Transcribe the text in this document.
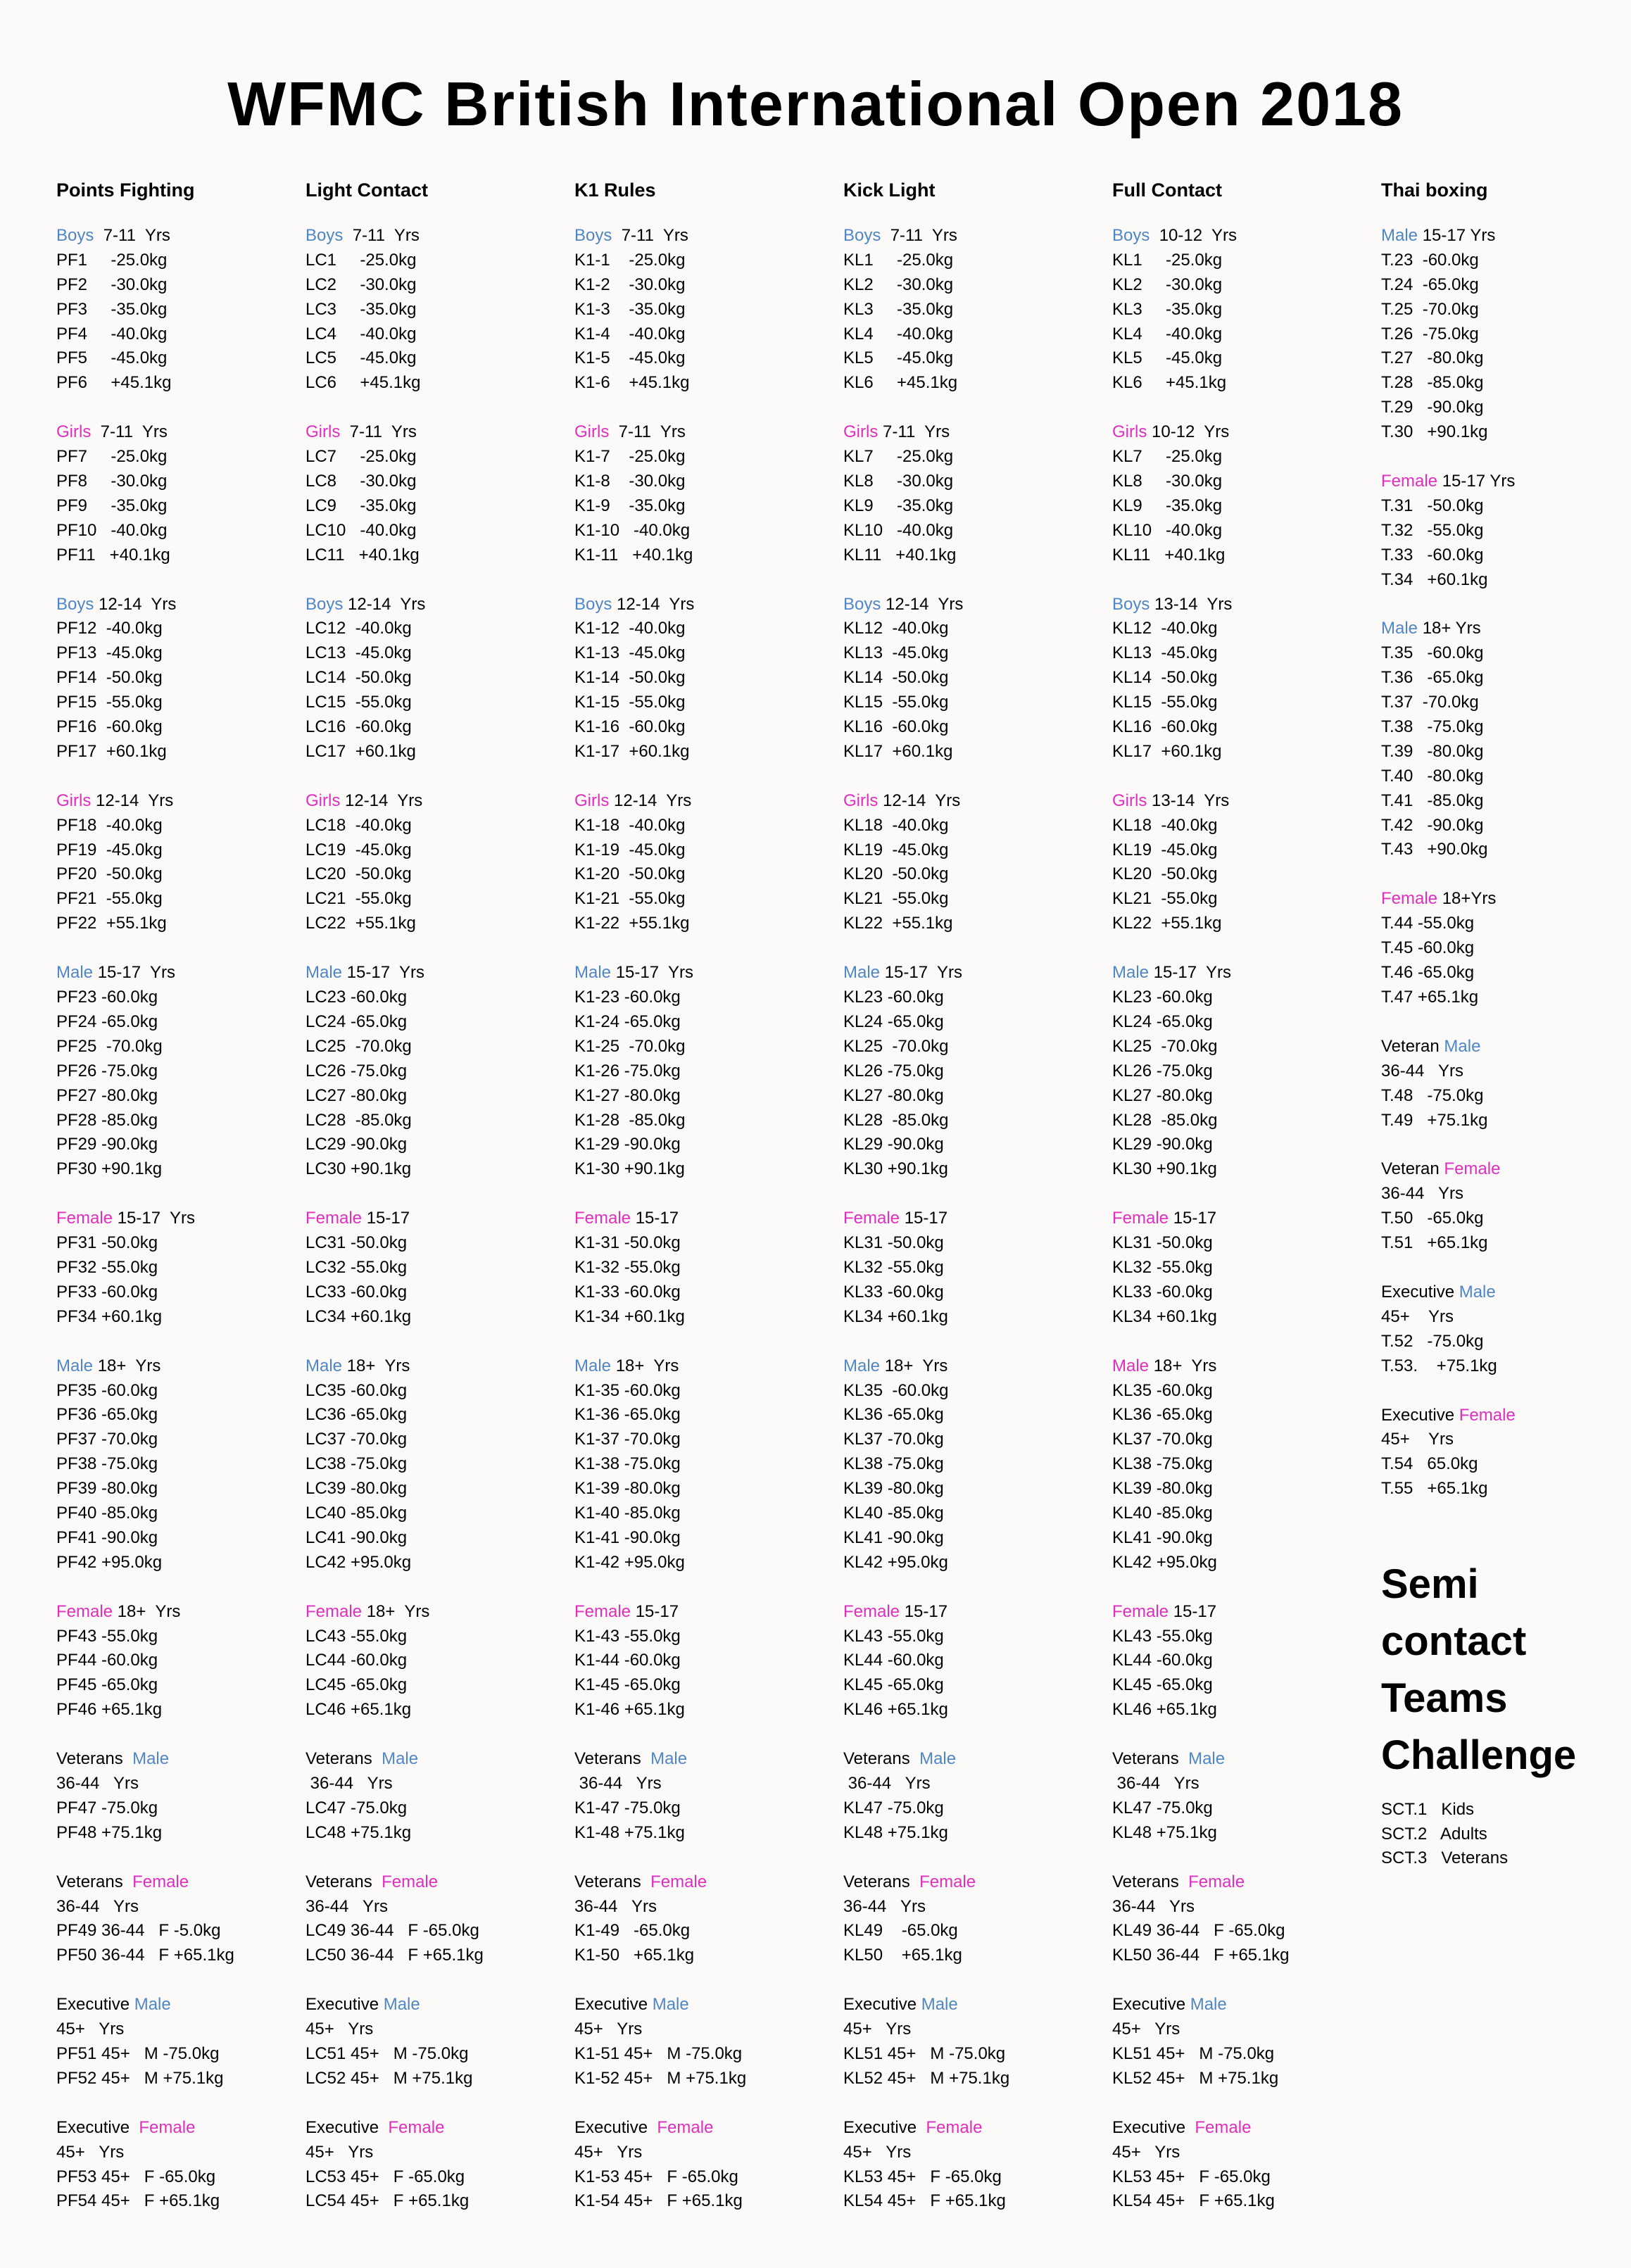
WFMC British International Open 2018
Points Fighting
Boys  7-11  Yrs
PF1     -25.0kg
PF2     -30.0kg
PF3     -35.0kg
PF4     -40.0kg
PF5     -45.0kg
PF6     +45.1kg
Girls  7-11  Yrs
PF7     -25.0kg
PF8     -30.0kg
PF9     -35.0kg
PF10   -40.0kg
PF11   +40.1kg
Boys 12-14  Yrs
PF12  -40.0kg
PF13  -45.0kg
PF14  -50.0kg
PF15  -55.0kg
PF16  -60.0kg
PF17  +60.1kg
Girls 12-14  Yrs
PF18  -40.0kg
PF19  -45.0kg
PF20  -50.0kg
PF21  -55.0kg
PF22  +55.1kg
Male 15-17  Yrs
PF23 -60.0kg
PF24 -65.0kg
PF25  -70.0kg
PF26 -75.0kg
PF27 -80.0kg
PF28 -85.0kg
PF29 -90.0kg
PF30 +90.1kg
Female 15-17  Yrs
PF31 -50.0kg
PF32 -55.0kg
PF33 -60.0kg
PF34 +60.1kg
Male 18+  Yrs
PF35 -60.0kg
PF36 -65.0kg
PF37 -70.0kg
PF38 -75.0kg
PF39 -80.0kg
PF40 -85.0kg
PF41 -90.0kg
PF42 +95.0kg
Female 18+  Yrs
PF43 -55.0kg
PF44 -60.0kg
PF45 -65.0kg
PF46 +65.1kg
Veterans  Male
36-44   Yrs
PF47 -75.0kg
PF48 +75.1kg
Veterans  Female
36-44   Yrs
PF49 36-44   F -5.0kg
PF50 36-44   F +65.1kg
Executive Male
45+   Yrs
PF51 45+   M -75.0kg
PF52 45+   M +75.1kg
Executive  Female
45+   Yrs
PF53 45+   F -65.0kg
PF54 45+   F +65.1kg
Light Contact
Boys  7-11  Yrs
LC1     -25.0kg
LC2     -30.0kg
LC3     -35.0kg
LC4     -40.0kg
LC5     -45.0kg
LC6     +45.1kg
Girls  7-11  Yrs
LC7     -25.0kg
LC8     -30.0kg
LC9     -35.0kg
LC10   -40.0kg
LC11   +40.1kg
Boys 12-14  Yrs
LC12  -40.0kg
LC13  -45.0kg
LC14  -50.0kg
LC15  -55.0kg
LC16  -60.0kg
LC17  +60.1kg
Girls 12-14  Yrs
LC18  -40.0kg
LC19  -45.0kg
LC20  -50.0kg
LC21  -55.0kg
LC22  +55.1kg
Male 15-17  Yrs
LC23 -60.0kg
LC24 -65.0kg
LC25  -70.0kg
LC26 -75.0kg
LC27 -80.0kg
LC28  -85.0kg
LC29 -90.0kg
LC30 +90.1kg
Female 15-17
LC31 -50.0kg
LC32 -55.0kg
LC33 -60.0kg
LC34 +60.1kg
Male 18+  Yrs
LC35 -60.0kg
LC36 -65.0kg
LC37 -70.0kg
LC38 -75.0kg
LC39 -80.0kg
LC40 -85.0kg
LC41 -90.0kg
LC42 +95.0kg
Female 18+  Yrs
LC43 -55.0kg
LC44 -60.0kg
LC45 -65.0kg
LC46 +65.1kg
Veterans  Male
36-44   Yrs
LC47 -75.0kg
LC48 +75.1kg
Veterans  Female
36-44   Yrs
LC49 36-44   F -65.0kg
LC50 36-44   F +65.1kg
Executive Male
45+   Yrs
LC51 45+   M -75.0kg
LC52 45+   M +75.1kg
Executive  Female
45+   Yrs
LC53 45+   F -65.0kg
LC54 45+   F +65.1kg
K1 Rules
Boys  7-11  Yrs
K1-1    -25.0kg
K1-2    -30.0kg
K1-3    -35.0kg
K1-4    -40.0kg
K1-5    -45.0kg
K1-6    +45.1kg
Girls  7-11  Yrs
K1-7    -25.0kg
K1-8    -30.0kg
K1-9    -35.0kg
K1-10   -40.0kg
K1-11   +40.1kg
Boys 12-14  Yrs
K1-12  -40.0kg
K1-13  -45.0kg
K1-14  -50.0kg
K1-15  -55.0kg
K1-16  -60.0kg
K1-17  +60.1kg
Girls 12-14  Yrs
K1-18  -40.0kg
K1-19  -45.0kg
K1-20  -50.0kg
K1-21  -55.0kg
K1-22  +55.1kg
Male 15-17  Yrs
K1-23 -60.0kg
K1-24 -65.0kg
K1-25  -70.0kg
K1-26 -75.0kg
K1-27 -80.0kg
K1-28  -85.0kg
K1-29 -90.0kg
K1-30 +90.1kg
Female 15-17
K1-31 -50.0kg
K1-32 -55.0kg
K1-33 -60.0kg
K1-34 +60.1kg
Male 18+  Yrs
K1-35 -60.0kg
K1-36 -65.0kg
K1-37 -70.0kg
K1-38 -75.0kg
K1-39 -80.0kg
K1-40 -85.0kg
K1-41 -90.0kg
K1-42 +95.0kg
Female 15-17
K1-43 -55.0kg
K1-44 -60.0kg
K1-45 -65.0kg
K1-46 +65.1kg
Veterans  Male
36-44   Yrs
K1-47 -75.0kg
K1-48 +75.1kg
Veterans  Female
36-44   Yrs
K1-49   -65.0kg
K1-50   +65.1kg
Executive Male
45+   Yrs
K1-51 45+   M -75.0kg
K1-52 45+   M +75.1kg
Executive  Female
45+   Yrs
K1-53 45+   F -65.0kg
K1-54 45+   F +65.1kg
Kick Light
Boys  7-11  Yrs
KL1     -25.0kg
KL2     -30.0kg
KL3     -35.0kg
KL4     -40.0kg
KL5     -45.0kg
KL6     +45.1kg
Girls 7-11  Yrs
KL7     -25.0kg
KL8     -30.0kg
KL9     -35.0kg
KL10   -40.0kg
KL11   +40.1kg
Boys 12-14  Yrs
KL12  -40.0kg
KL13  -45.0kg
KL14  -50.0kg
KL15  -55.0kg
KL16  -60.0kg
KL17  +60.1kg
Girls 12-14  Yrs
KL18  -40.0kg
KL19  -45.0kg
KL20  -50.0kg
KL21  -55.0kg
KL22  +55.1kg
Male 15-17  Yrs
KL23 -60.0kg
KL24 -65.0kg
KL25  -70.0kg
KL26 -75.0kg
KL27 -80.0kg
KL28  -85.0kg
KL29 -90.0kg
KL30 +90.1kg
Female 15-17
KL31 -50.0kg
KL32 -55.0kg
KL33 -60.0kg
KL34 +60.1kg
Male 18+  Yrs
KL35  -60.0kg
KL36 -65.0kg
KL37 -70.0kg
KL38 -75.0kg
KL39 -80.0kg
KL40 -85.0kg
KL41 -90.0kg
KL42 +95.0kg
Female 15-17
KL43 -55.0kg
KL44 -60.0kg
KL45 -65.0kg
KL46 +65.1kg
Veterans  Male
36-44   Yrs
KL47 -75.0kg
KL48 +75.1kg
Veterans  Female
36-44   Yrs
KL49    -65.0kg
KL50    +65.1kg
Executive Male
45+   Yrs
KL51 45+   M -75.0kg
KL52 45+   M +75.1kg
Executive  Female
45+   Yrs
KL53 45+   F -65.0kg
KL54 45+   F +65.1kg
Full Contact
Boys  10-12  Yrs
KL1     -25.0kg
KL2     -30.0kg
KL3     -35.0kg
KL4     -40.0kg
KL5     -45.0kg
KL6     +45.1kg
Girls 10-12  Yrs
KL7     -25.0kg
KL8     -30.0kg
KL9     -35.0kg
KL10   -40.0kg
KL11   +40.1kg
Boys 13-14  Yrs
KL12  -40.0kg
KL13  -45.0kg
KL14  -50.0kg
KL15  -55.0kg
KL16  -60.0kg
KL17  +60.1kg
Girls 13-14  Yrs
KL18  -40.0kg
KL19  -45.0kg
KL20  -50.0kg
KL21  -55.0kg
KL22  +55.1kg
Male 15-17  Yrs
KL23 -60.0kg
KL24 -65.0kg
KL25  -70.0kg
KL26 -75.0kg
KL27 -80.0kg
KL28  -85.0kg
KL29 -90.0kg
KL30 +90.1kg
Female 15-17
KL31 -50.0kg
KL32 -55.0kg
KL33 -60.0kg
KL34 +60.1kg
Male 18+  Yrs
KL35 -60.0kg
KL36 -65.0kg
KL37 -70.0kg
KL38 -75.0kg
KL39 -80.0kg
KL40 -85.0kg
KL41 -90.0kg
KL42 +95.0kg
Female 15-17
KL43 -55.0kg
KL44 -60.0kg
KL45 -65.0kg
KL46 +65.1kg
Veterans  Male
36-44   Yrs
KL47 -75.0kg
KL48 +75.1kg
Veterans  Female
36-44   Yrs
KL49 36-44   F -65.0kg
KL50 36-44   F +65.1kg
Executive Male
45+   Yrs
KL51 45+   M -75.0kg
KL52 45+   M +75.1kg
Executive  Female
45+   Yrs
KL53 45+   F -65.0kg
KL54 45+   F +65.1kg
Thai boxing
Male 15-17 Yrs
T.23  -60.0kg
T.24  -65.0kg
T.25  -70.0kg
T.26  -75.0kg
T.27   -80.0kg
T.28   -85.0kg
T.29   -90.0kg
T.30   +90.1kg
Female 15-17 Yrs
T.31   -50.0kg
T.32   -55.0kg
T.33   -60.0kg
T.34   +60.1kg
Male 18+ Yrs
T.35   -60.0kg
T.36   -65.0kg
T.37  -70.0kg
T.38   -75.0kg
T.39   -80.0kg
T.40   -80.0kg
T.41   -85.0kg
T.42   -90.0kg
T.43   +90.0kg
Female 18+Yrs
T.44 -55.0kg
T.45 -60.0kg
T.46 -65.0kg
T.47 +65.1kg
Veteran Male
36-44   Yrs
T.48   -75.0kg
T.49   +75.1kg
Veteran Female
36-44   Yrs
T.50   -65.0kg
T.51   +65.1kg
Executive Male
45+    Yrs
T.52   -75.0kg
T.53.    +75.1kg
Executive Female
45+    Yrs
T.54   65.0kg
T.55   +65.1kg
Semi
contact
Teams
Challenge
SCT.1   Kids
SCT.2   Adults
SCT.3   Veterans
